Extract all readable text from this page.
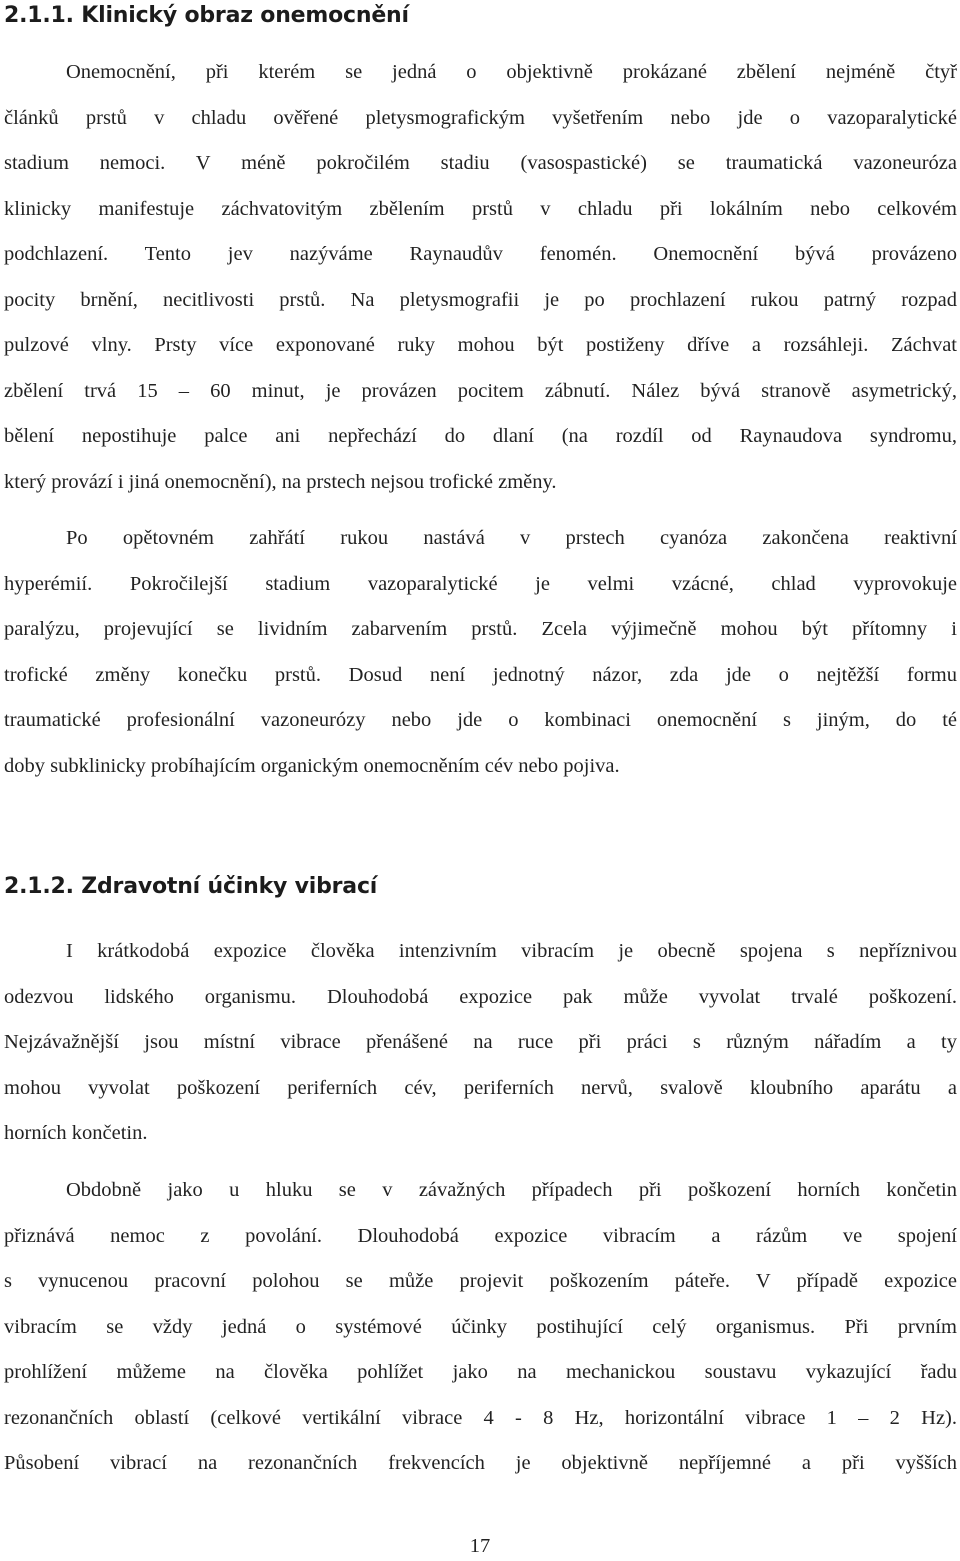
2.1.1. Klinický obraz onemocnění
Onemocnění, při kterém se jedná o objektivně prokázané zbělení nejméně čtyř
článků prstů v chladu ověřené pletysmografickým vyšetřením nebo jde o vazoparalytické
stadium nemoci. V méně pokročilém stadiu (vasospastické) se traumatická vazoneuróza
klinicky manifestuje záchvatovitým zbělením prstů v chladu při lokálním nebo celkovém
podchlazení. Tento jev nazýváme Raynaudův fenomén. Onemocnění bývá provázeno
pocity brnění, necitlivosti prstů. Na pletysmografii je po prochlazení rukou patrný rozpad
pulzové vlny. Prsty více exponované ruky mohou být postiženy dříve a rozsáhleji. Záchvat
zbělení trvá 15 – 60 minut, je provázen pocitem zábnutí. Nález bývá stranově asymetrický,
bělení nepostihuje palce ani nepřechází do dlaní (na rozdíl od Raynaudova syndromu,
který provází i jiná onemocnění), na prstech nejsou trofické změny.
Po opětovném zahřátí rukou nastává v prstech cyanóza zakončena reaktivní
hyperémií. Pokročilejší stadium vazoparalytické je velmi vzácné, chlad vyprovokuje
paralýzu, projevující se lividním zabarvením prstů. Zcela výjimečně mohou být přítomny i
trofické změny konečku prstů. Dosud není jednotný názor, zda jde o nejtěžší formu
traumatické profesionální vazoneurózy nebo jde o kombinaci onemocnění s jiným, do té
doby subklinicky probíhajícím organickým onemocněním cév nebo pojiva.
2.1.2. Zdravotní účinky vibrací
I krátkodobá expozice člověka intenzivním vibracím je obecně spojena s nepříznivou
odezvou lidského organismu. Dlouhodobá expozice pak může vyvolat trvalé poškození.
Nejzávažnější jsou místní vibrace přenášené na ruce při práci s různým nářadím a ty
mohou vyvolat poškození periferních cév, periferních nervů, svalově kloubního aparátu a
horních končetin.
Obdobně jako u hluku se v závažných případech při poškození horních končetin
přiznává nemoc z povolání. Dlouhodobá expozice vibracím a rázům ve spojení
s vynucenou pracovní polohou se může projevit poškozením páteře. V případě expozice
vibracím se vždy jedná o systémové účinky postihující celý organismus. Při prvním
prohlížení můžeme na člověka pohlížet jako na mechanickou soustavu vykazující řadu
rezonančních oblastí (celkové vertikální vibrace 4 - 8 Hz, horizontální vibrace 1 – 2 Hz).
Působení vibrací na rezonančních frekvencích je objektivně nepříjemné a při vyšších
17
